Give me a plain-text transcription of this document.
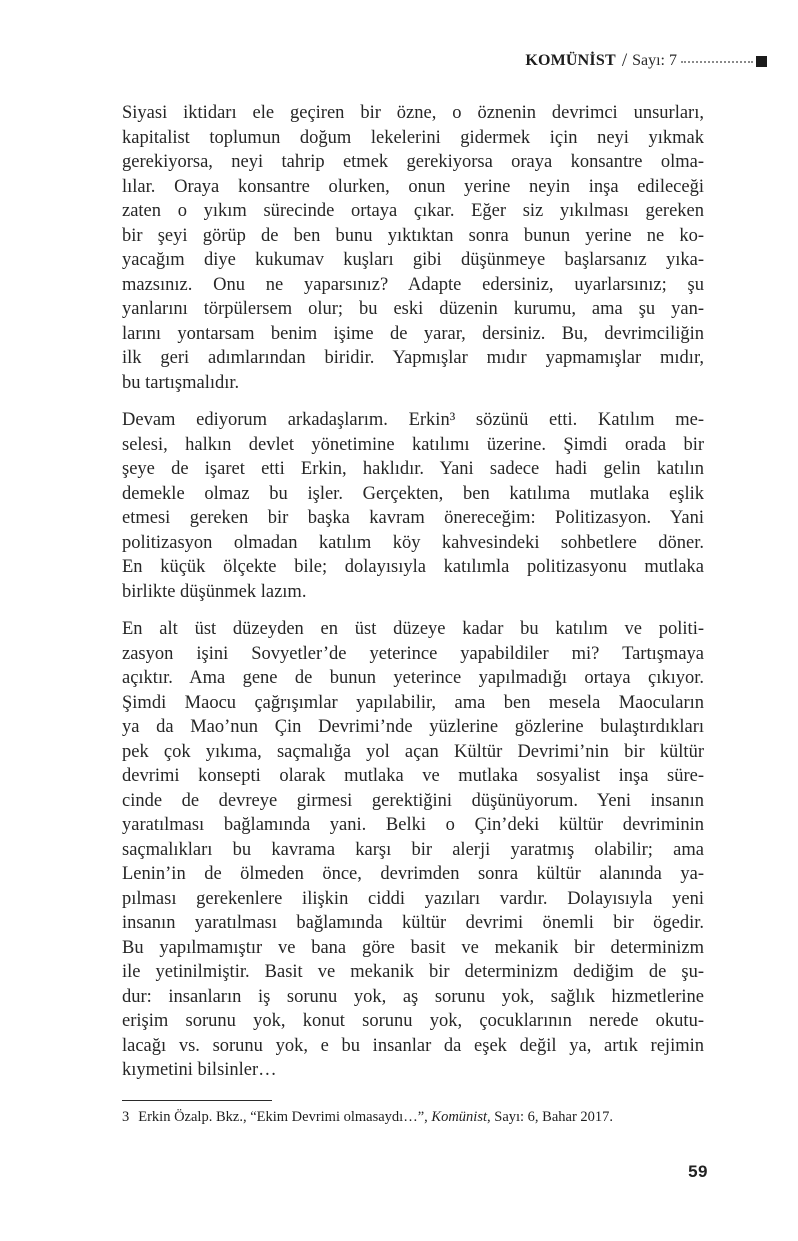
KOMÜNİST / Sayı: 7
Siyasi iktidarı ele geçiren bir özne, o öznenin devrimci unsurları,
kapitalist toplumun doğum lekelerini gidermek için neyi yıkmak
gerekiyorsa, neyi tahrip etmek gerekiyorsa oraya konsantre olma-
lılar. Oraya konsantre olurken, onun yerine neyin inşa edileceği
zaten o yıkım sürecinde ortaya çıkar. Eğer siz yıkılması gereken
bir şeyi görüp de ben bunu yıktıktan sonra bunun yerine ne ko-
yacağım diye kukumav kuşları gibi düşünmeye başlarsanız yıka-
mazsınız. Onu ne yaparsınız? Adapte edersiniz, uyarlarsınız; şu
yanlarını törpülersem olur; bu eski düzenin kurumu, ama şu yan-
larını yontarsam benim işime de yarar, dersiniz. Bu, devrimciliğin
ilk geri adımlarından biridir. Yapmışlar mıdır yapmamışlar mıdır,
bu tartışmalıdır.
Devam ediyorum arkadaşlarım. Erkin³ sözünü etti. Katılım me-
selesi, halkın devlet yönetimine katılımı üzerine. Şimdi orada bir
şeye de işaret etti Erkin, haklıdır. Yani sadece hadi gelin katılın
demekle olmaz bu işler. Gerçekten, ben katılıma mutlaka eşlik
etmesi gereken bir başka kavram önereceğim: Politizasyon. Yani
politizasyon olmadan katılım köy kahvesindeki sohbetlere döner.
En küçük ölçekte bile; dolayısıyla katılımla politizasyonu mutlaka
birlikte düşünmek lazım.
En alt üst düzeyden en üst düzeye kadar bu katılım ve politi-
zasyon işini Sovyetler’de yeterince yapabildiler mi? Tartışmaya
açıktır. Ama gene de bunun yeterince yapılmadığı ortaya çıkıyor.
Şimdi Maocu çağrışımlar yapılabilir, ama ben mesela Maocuların
ya da Mao’nun Çin Devrimi’nde yüzlerine gözlerine bulaştırdıkları
pek çok yıkıma, saçmalığa yol açan Kültür Devrimi’nin bir kültür
devrimi konsepti olarak mutlaka ve mutlaka sosyalist inşa süre-
cinde de devreye girmesi gerektiğini düşünüyorum. Yeni insanın
yaratılması bağlamında yani. Belki o Çin’deki kültür devriminin
saçmalıkları bu kavrama karşı bir alerji yaratmış olabilir; ama
Lenin’in de ölmeden önce, devrimden sonra kültür alanında ya-
pılması gerekenlere ilişkin ciddi yazıları vardır. Dolayısıyla yeni
insanın yaratılması bağlamında kültür devrimi önemli bir ögedir.
Bu yapılmamıştır ve bana göre basit ve mekanik bir determinizm
ile yetinilmiştir. Basit ve mekanik bir determinizm dediğim de şu-
dur: insanların iş sorunu yok, aş sorunu yok, sağlık hizmetlerine
erişim sorunu yok, konut sorunu yok, çocuklarının nerede okutu-
lacağı vs. sorunu yok, e bu insanlar da eşek değil ya, artık rejimin
kıymetini bilsinler…
3 Erkin Özalp. Bkz., “Ekim Devrimi olmasaydı…”, Komünist, Sayı: 6, Bahar 2017.
59
